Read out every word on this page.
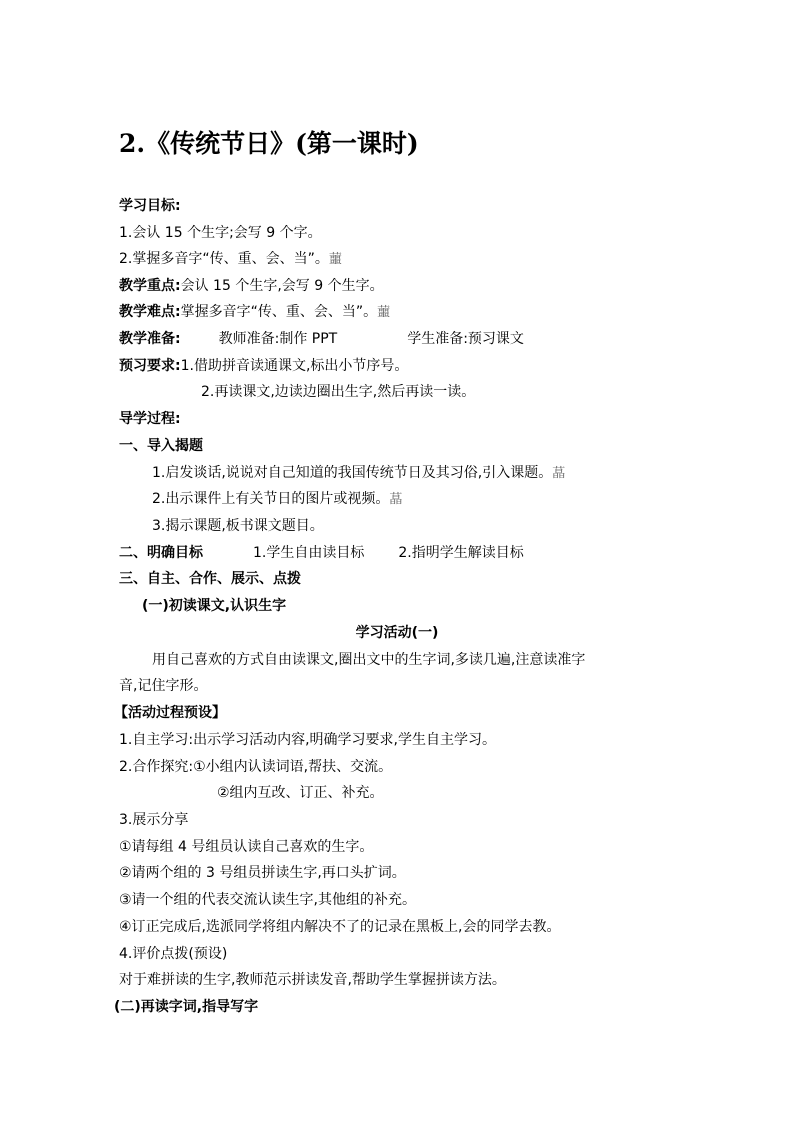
2.《传统节日》(第一课时)
学习目标:
1.会认 15 个生字;会写 9 个字。
2.掌握多音字“传、重、会、当”。蘁
教学重点:会认 15 个生字,会写 9 个生字。
教学难点:掌握多音字“传、重、会、当”。蘁
教学准备:	教师准备:制作 PPT	学生准备:预习课文
预习要求:1.借助拼音读通课文,标出小节序号。
2.再读课文,边读边圈出生字,然后再读一读。
导学过程:
一、导入揭题
1.启发谈话,说说对自己知道的我国传统节日及其习俗,引入课题。蕌
2.出示课件上有关节日的图片或视频。蕌
3.揭示课题,板书课文题目。
二、明确目标	1.学生自由读目标 2.指明学生解读目标
三、自主、合作、展示、点拨
(一)初读课文,认识生字
学习活动(一)
用自己喜欢的方式自由读课文,圈出文中的生字词,多读几遍,注意读准字
音,记住字形。
【活动过程预设】
1.自主学习:出示学习活动内容,明确学习要求,学生自主学习。
2.合作探究:①小组内认读词语,帮扶、交流。
②组内互改、订正、补充。
3.展示分享
①请每组 4 号组员认读自己喜欢的生字。
②请两个组的 3 号组员拼读生字,再口头扩词。
③请一个组的代表交流认读生字,其他组的补充。
④订正完成后,选派同学将组内解决不了的记录在黑板上,会的同学去教。
4.评价点拨(预设)
对于难拼读的生字,教师范示拼读发音,帮助学生掌握拼读方法。
(二)再读字词,指导写字
